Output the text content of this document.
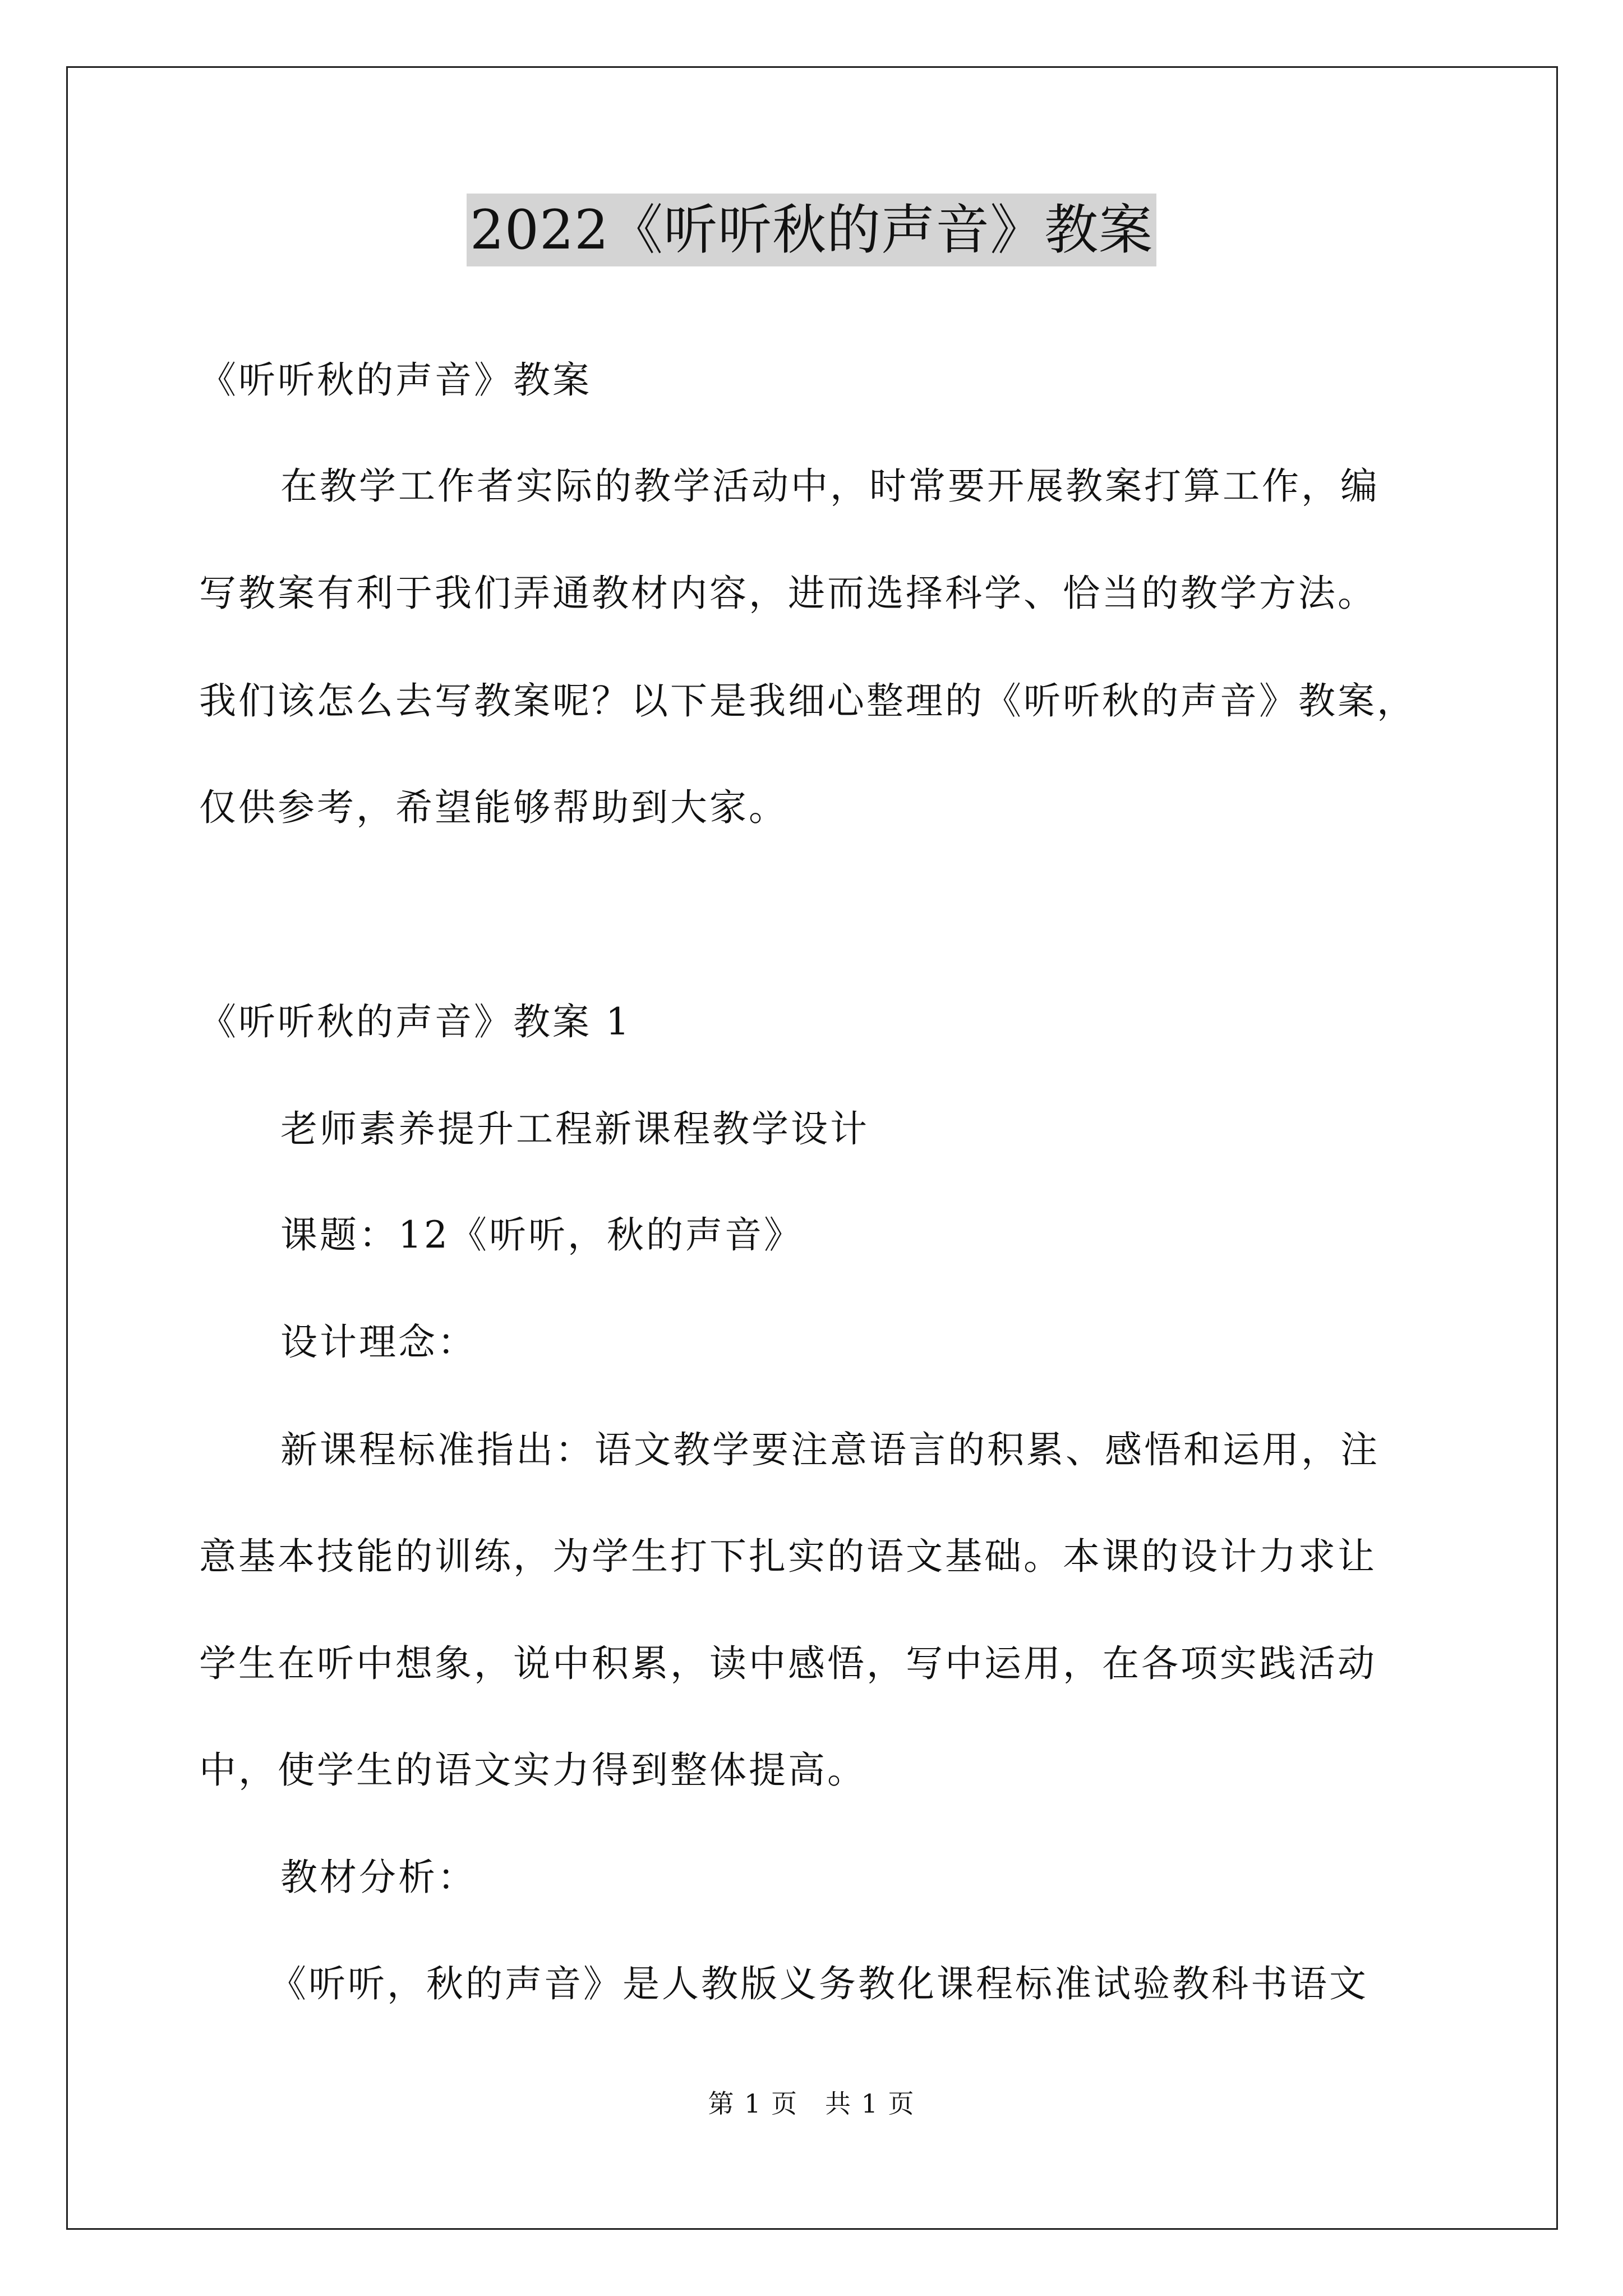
2022《听听秋的声音》教案
《听听秋的声音》教案
在教学工作者实际的教学活动中，时常要开展教案打算工作，编
写教案有利于我们弄通教材内容，进而选择科学、恰当的教学方法。
我们该怎么去写教案呢？以下是我细心整理的《听听秋的声音》教案，
仅供参考，希望能够帮助到大家。
《听听秋的声音》教案 1
老师素养提升工程新课程教学设计
课题：12《听听，秋的声音》
设计理念：
新课程标准指出：语文教学要注意语言的积累、感悟和运用，注
意基本技能的训练，为学生打下扎实的语文基础。本课的设计力求让
学生在听中想象，说中积累，读中感悟，写中运用，在各项实践活动
中，使学生的语文实力得到整体提高。
教材分析：
《听听，秋的声音》是人教版义务教化课程标准试验教科书语文
第 1 页　共 1 页
